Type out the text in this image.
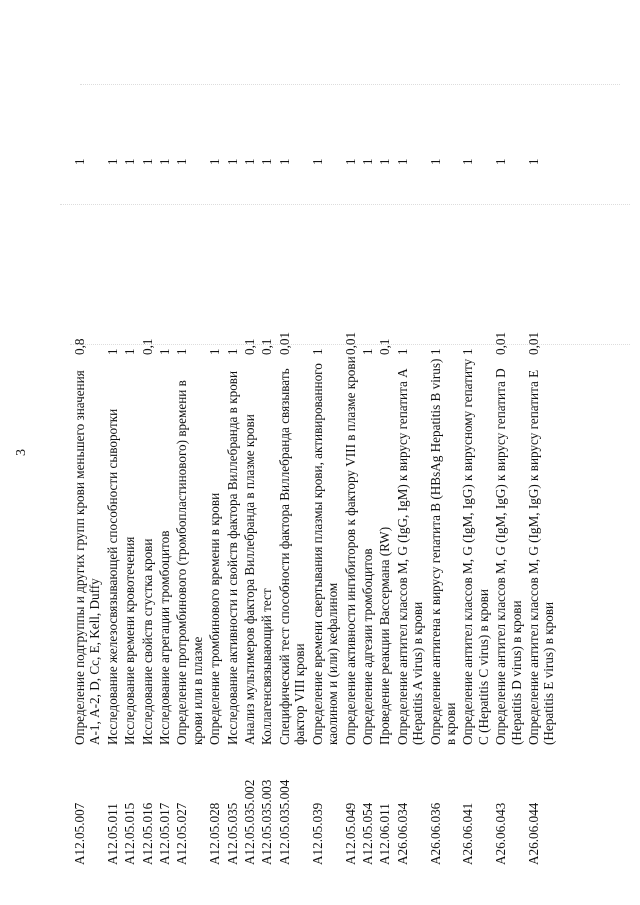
3
A12.05.007	Определение подгруппы и других групп крови меньшего значения А-1, А-2, D, Cc, E, Kell, Duffy	0,8		1
A12.05.011	Исследование железосвязывающей способности сыворотки	1		1
A12.05.015	Исследование времени кровотечения	1		1
A12.05.016	Исследование свойств сгустка крови	0,1		1
A12.05.017	Исследование агрегации тромбоцитов	1		1
A12.05.027	Определение протромбинового (тромбопластинового) времени в крови или в плазме	1		1
A12.05.028	Определение тромбинового времени в крови	1		1
A12.05.035	Исследование активности и свойств фактора Виллебранда в крови	1		1
A12.05.035.002	Анализ мультимеров фактора Виллебранда в плазме крови	0,1		1
A12.05.035.003	Коллагенсвязывающий тест	0,1		1
A12.05.035.004	Специфический тест способности фактора Виллебранда связывать фактор VIII крови	0,01		1
A12.05.039	Определение времени свертывания плазмы крови, активированного каолином и (или) кефалином	1		1
A12.05.049	Определение активности ингибиторов к фактору VIII в плазме крови	0,01		1
A12.05.054	Определение адгезии тромбоцитов	1		1
A12.06.011	Проведение реакции Вассермана (RW)	0,1		1
A26.06.034	Определение антител классов M, G (IgG, IgM) к вирусу гепатита A (Hepatitis A virus) в крови	1		1
A26.06.036	Определение антигена к вирусу гепатита B (HBsAg Hepatitis B virus) в крови	1		1
A26.06.041	Определение антител классов M, G (IgM, IgG) к вирусному гепатиту C (Hepatitis C virus) в крови	1		1
A26.06.043	Определение антител классов M, G (IgM, IgG) к вирусу гепатита D (Hepatitis D virus) в крови	0,01		1
A26.06.044	Определение антител классов M, G (IgM, IgG) к вирусу гепатита E (Hepatitis E virus) в крови	0,01		1
